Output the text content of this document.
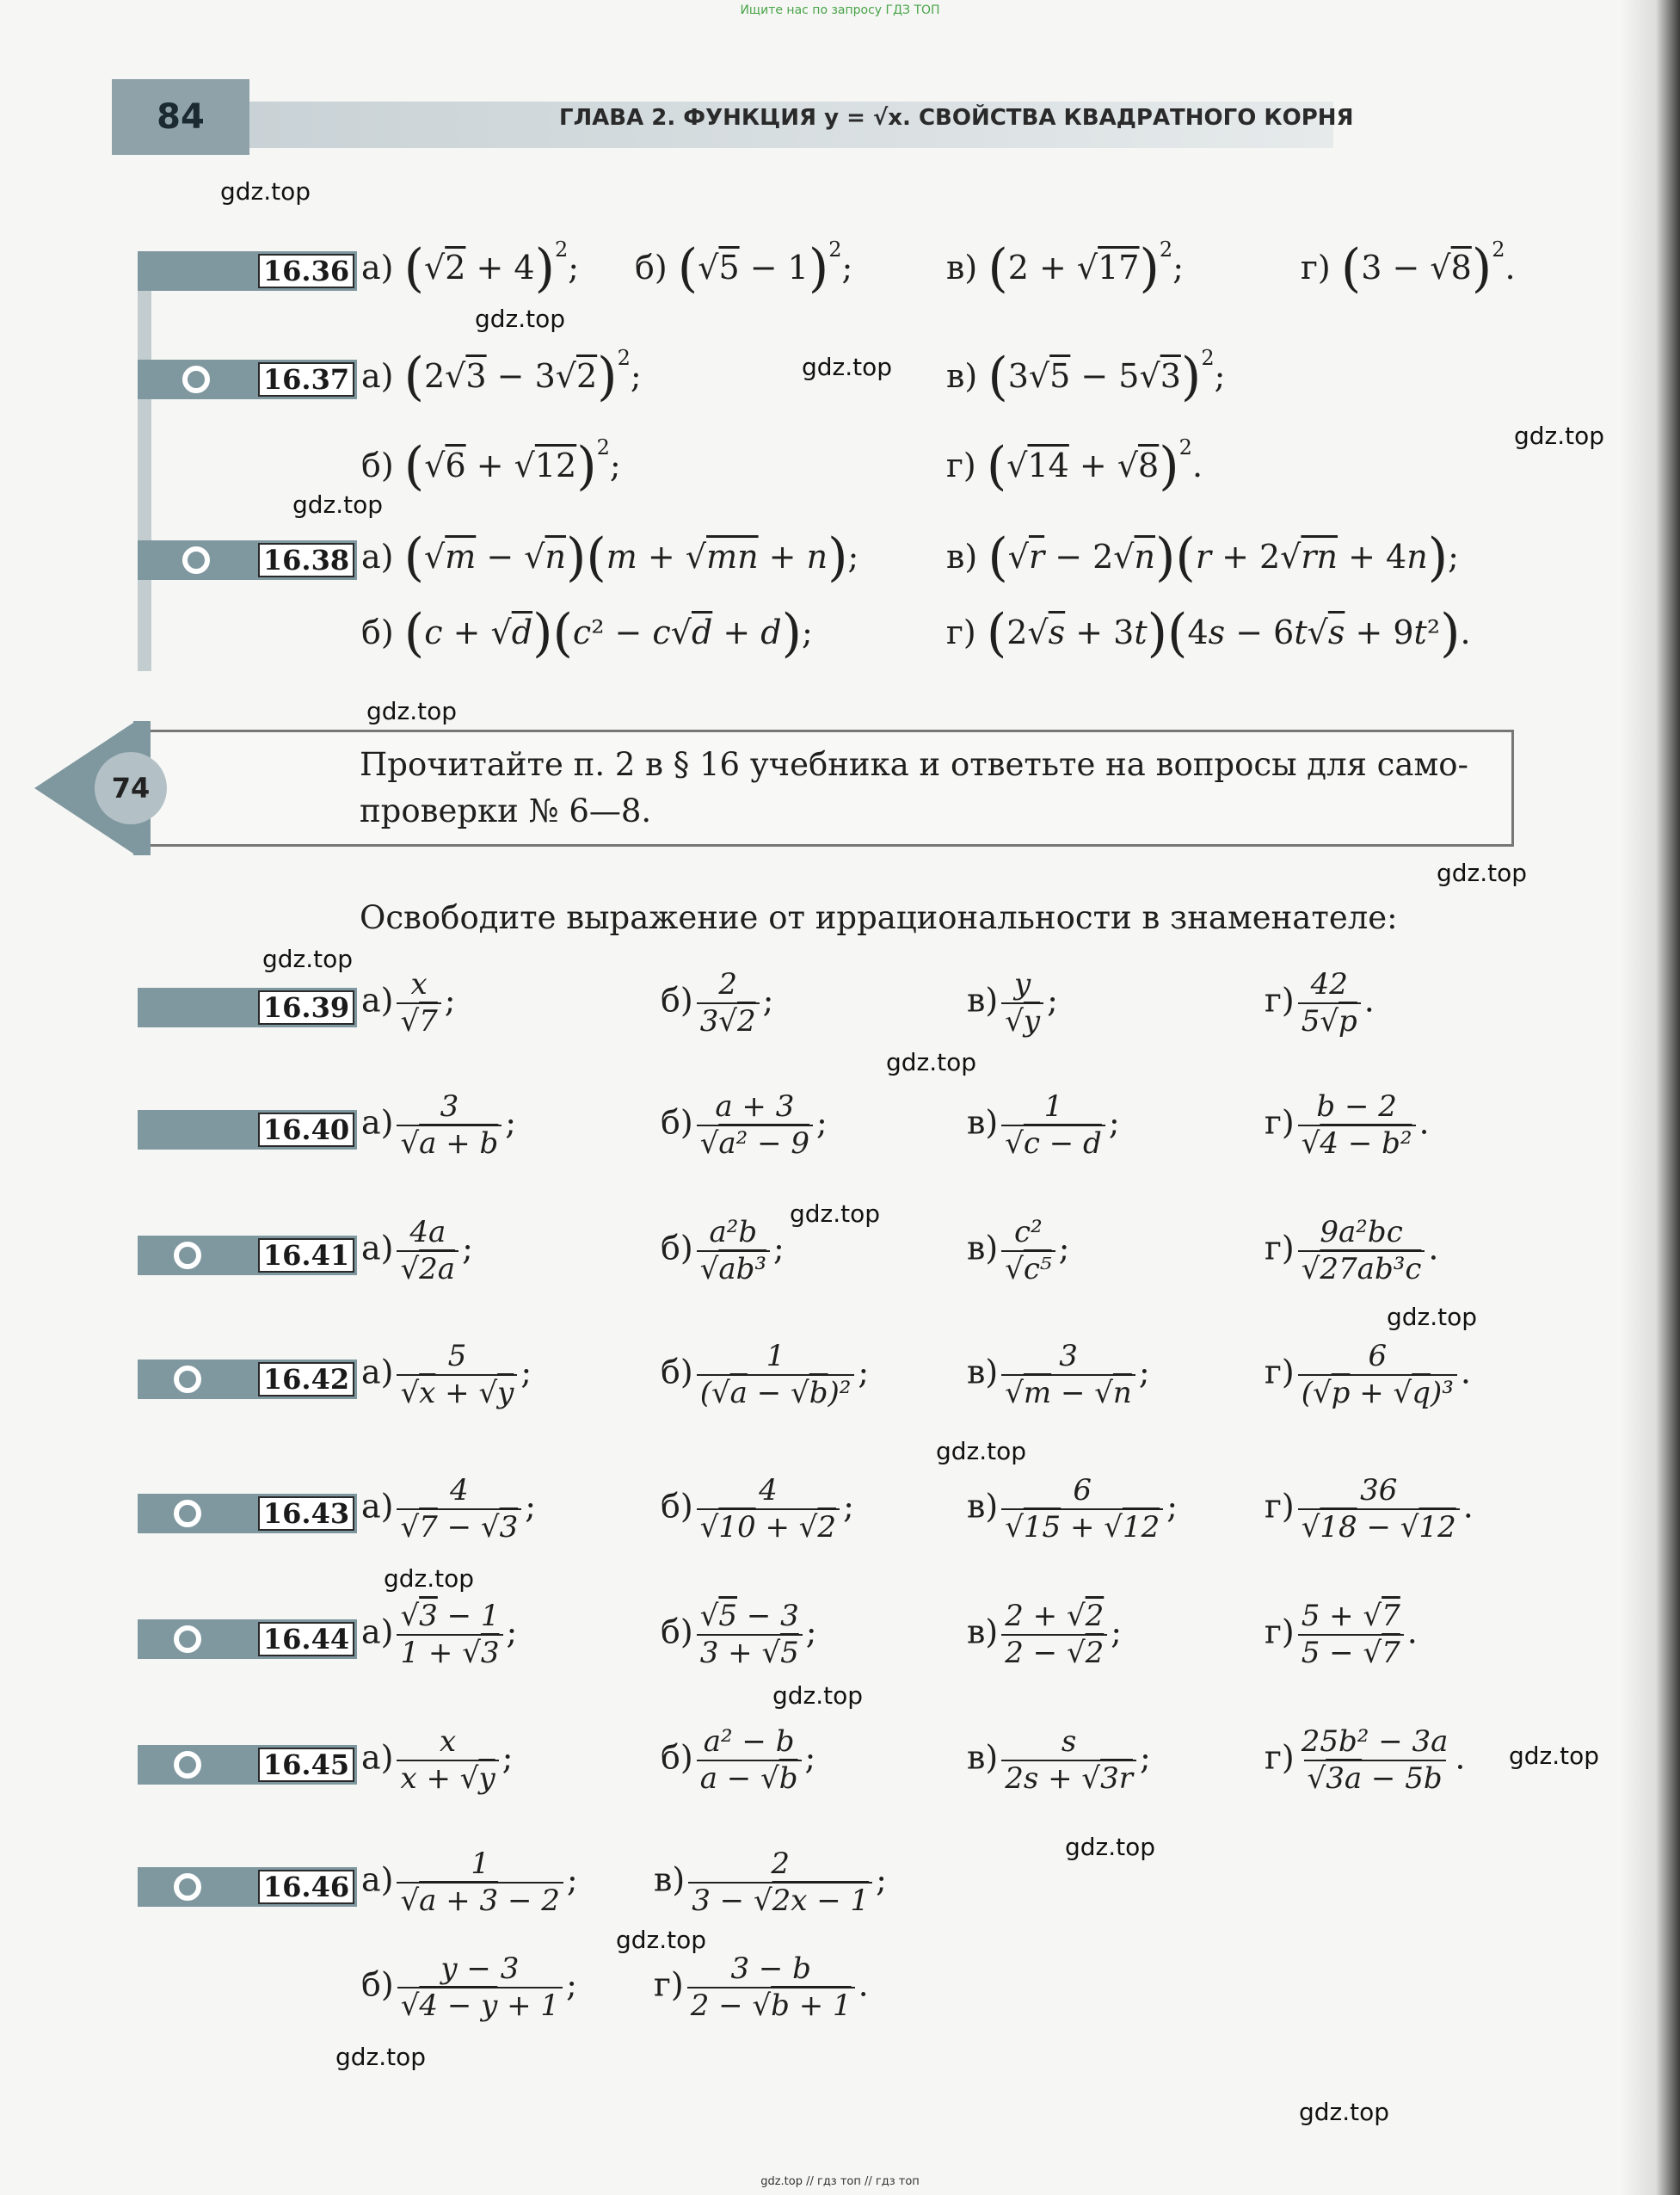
Ищите нас по запросу ГДЗ ТОП
84	ГЛАВА 2. ФУНКЦИЯ y = √x. СВОЙСТВА КВАДРАТНОГО КОРНЯ
gdz.top
gdz.top
gdz.top
gdz.top
gdz.top
gdz.top
gdz.top
gdz.top
gdz.top
gdz.top
gdz.top
gdz.top
gdz.top
gdz.top
gdz.top
gdz.top
gdz.top
gdz.top
gdz.top
16.36 а) $(√2 + 4)^2$; б) $(√5 - 1)^2$;	в) $(2 + √17)^2$;	г) $(3 - √8)^2$.
16.37 а) $(2√3 - 3√2)^2$;	в) $(3√5 - 5√3)^2$;
б) $(√6 + √12)^2$;	г) $(√14 + √8)^2$.
16.38 а) (√m − √n)(m + √mn + n);	в) (√r − 2√n)(r + 2√rn + 4n);
б) (c + √d)(c² − c√d + d);	г) (2√s + 3t)(4s − 6t√s + 9t²).
74
Прочитайте п. 2 в § 16 учебника и ответьте на вопросы для само-
проверки № 6—8.
Освободите выражение от иррациональности в знаменателе:
16.39 $а) \frac{x}{√7}$ ;	$б) \frac{2}{3√2}$ ;	$в) \frac{y}{√y}$ ;	$г) \frac{42}{5√p}$ .
16.40 $а) \frac{3}{√a + b}$ ;	$б) \frac{a + 3}{\text{√a² − 9}}$ ;	$в) \frac{1}{√c - d}$ ;	$г) \frac{b - 2}{\text{√4 − b²}}$ .
16.41 $а) \frac{4a}{√2a}$ ;	$б) \frac{\text{a²b}}{\text{√ab³}}$ ;	$в) \frac{\text{c²}}{\text{√c⁵}}$ ;	$г) \frac{\text{9a²bc}}{\text{√27ab³c}}$ .
16.42 $а) \frac{5}{√x + √y}$ ;	$б) \frac{1}{\text{(√a − √b)²}}$ ;	$в) \frac{3}{√m - √n}$ ;	$г) \frac{6}{\text{(√p + √q)³}}$ .
16.43 $а) \frac{4}{√7 - √3}$ ;	$б) \frac{4}{√10 + √2}$ ;	$в) \frac{6}{√15 + √12}$ ;	$г) \frac{36}{√18 - √12}$ .
16.44 $а) \frac{√3 - 1}{1 + √3}$ ;	$б) \frac{√5 - 3}{3 + √5}$ ;	$в) \frac{2 + √2}{2 - √2}$ ;	$г) \frac{5 + √7}{5 - √7}$ .
16.45 $а) \frac{x}{x + √y}$ ;	$б) \frac{\text{a² − b}}{a - √b}$ ;	$в) \frac{s}{2s + √3r}$ ;	$г) \frac{\text{25b² − 3a}}{√3a - 5b}$ .
16.46 $а) \frac{1}{√a + 3 - 2}$ ; $в) \frac{2}{3 - √2x - 1}$ ;
$б) \frac{y - 3}{√4 - y + 1}$ ; $г) \frac{3 - b}{2 - √b + 1}$ .
gdz.top // гдз топ // гдз топ
